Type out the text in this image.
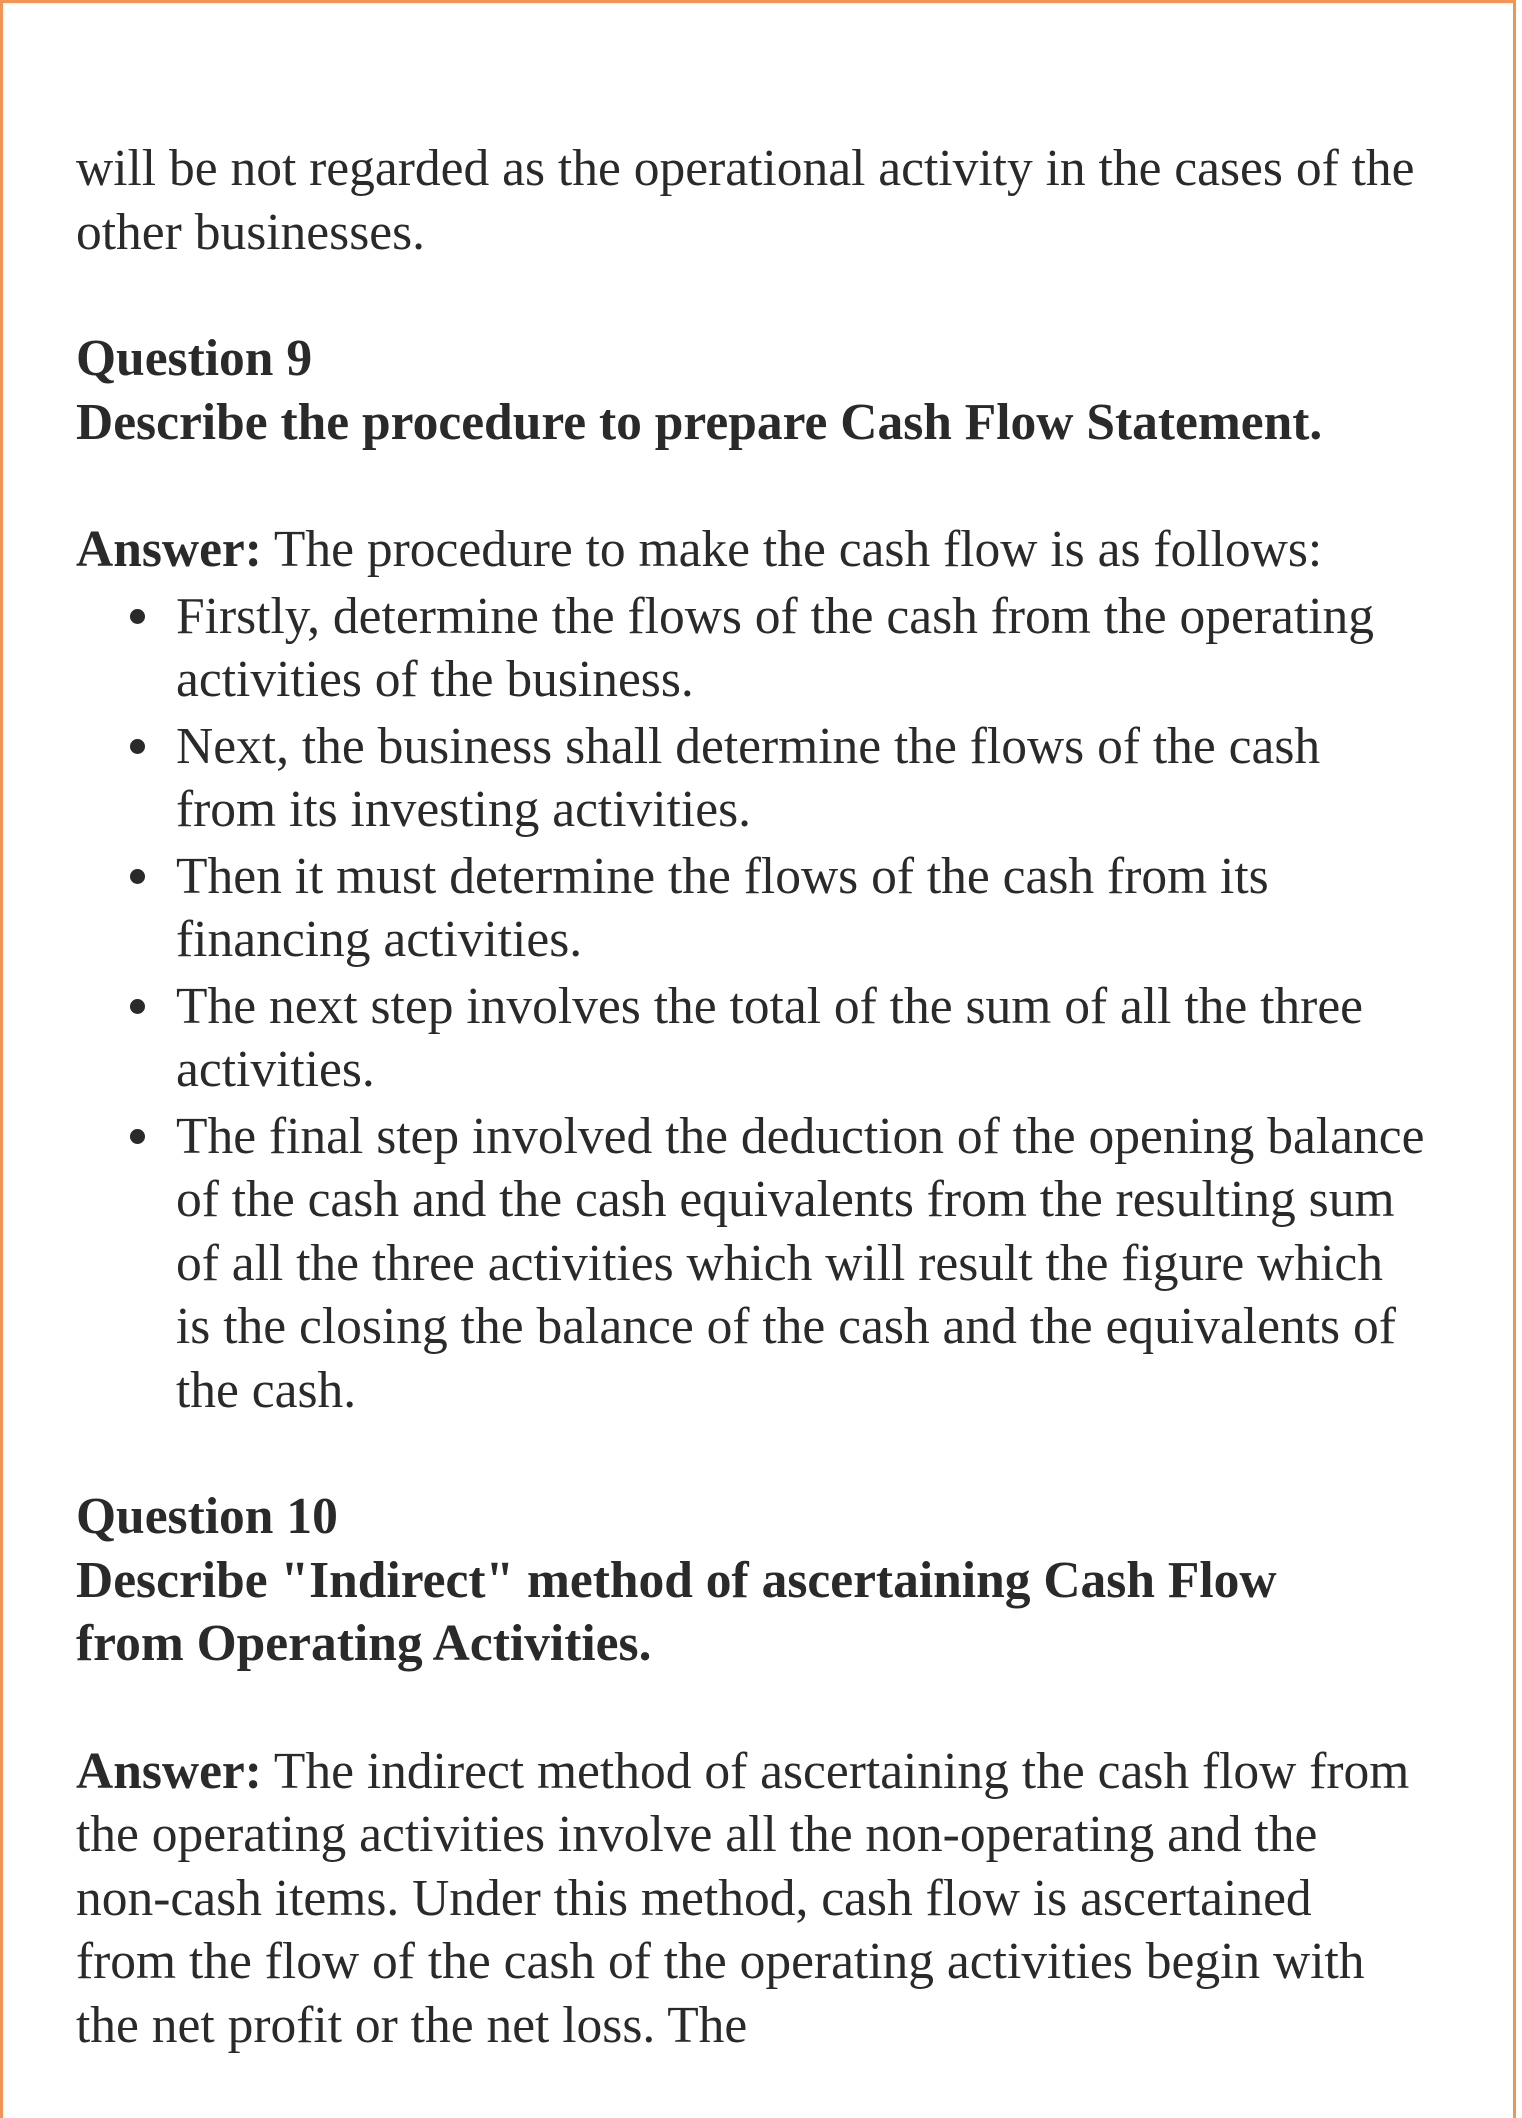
will be not regarded as the operational activity in the cases of the other businesses.

Question 9

Describe the procedure to prepare Cash Flow Statement.

Answer: The procedure to make the cash flow is as follows:

Firstly, determine the flows of the cash from the operating activities of the business.
Next, the business shall determine the flows of the cash from its investing activities.
Then it must determine the flows of the cash from its financing activities.
The next step involves the total of the sum of all the three activities.
The final step involved the deduction of the opening balance of the cash and the cash equivalents from the resulting sum of all the three activities which will result the figure which is the closing the balance of the cash and the equivalents of the cash.

Question 10

Describe "Indirect" method of ascertaining Cash Flow from Operating Activities.

Answer: The indirect method of ascertaining the cash flow from the operating activities involve all the non-operating and the non-cash items. Under this method, cash flow is ascertained from the flow of the cash of the operating activities begin with the net profit or the net loss. The
